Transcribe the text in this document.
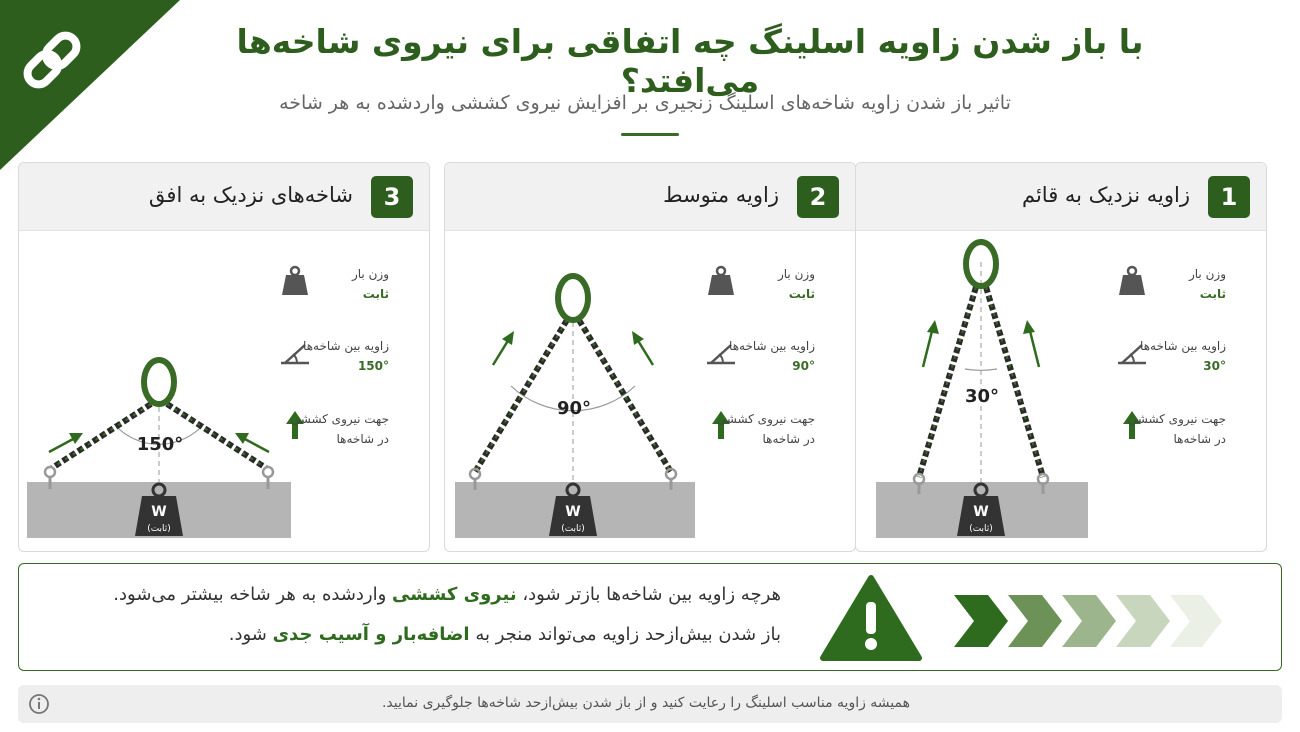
با باز شدن زاویه اسلینگ چه اتفاقی برای نیروی شاخه‌ها می‌افتد؟
تاثیر باز شدن زاویه شاخه‌های اسلینگ زنجیری بر افزایش نیروی کششی واردشده به هر شاخه
1
زاویه نزدیک به قائم
30°
W
(ثابت)
وزن بار
ثابت
زاویه بین شاخه‌ها
30°
جهت نیروی کششی در شاخه‌ها
2
زاویه متوسط
90°
W
(ثابت)
وزن بار
ثابت
زاویه بین شاخه‌ها
90°
جهت نیروی کششی در شاخه‌ها
3
شاخه‌های نزدیک به افق
150°
W
(ثابت)
وزن بار
ثابت
زاویه بین شاخه‌ها
150°
جهت نیروی کششی در شاخه‌ها
هرچه زاویه بین شاخه‌ها بازتر شود، نیروی کششی واردشده به هر شاخه بیشتر می‌شود.
باز شدن بیش‌ازحد زاویه می‌تواند منجر به اضافه‌بار و آسیب جدی شود.
همیشه زاویه مناسب اسلینگ را رعایت کنید و از باز شدن بیش‌ازحد شاخه‌ها جلوگیری نمایید.
